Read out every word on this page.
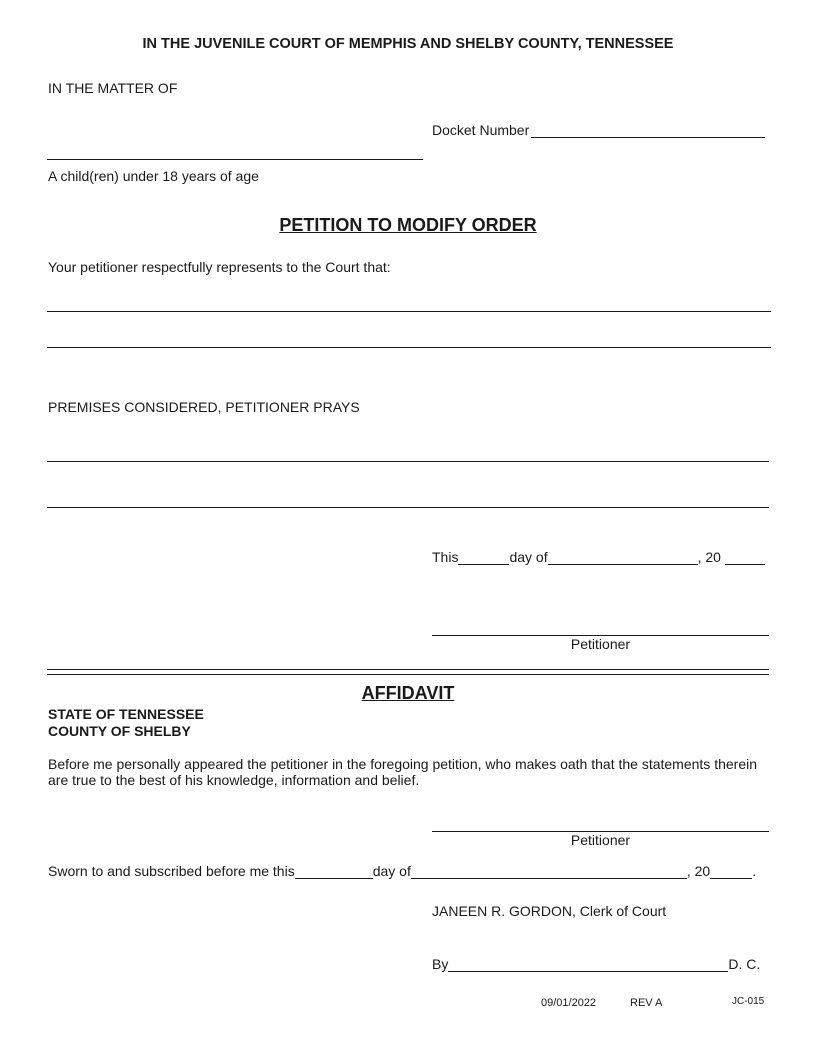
IN THE JUVENILE COURT OF MEMPHIS AND SHELBY COUNTY, TENNESSEE
IN THE MATTER OF
Docket Number
A child(ren) under 18 years of age
PETITION TO MODIFY ORDER
Your petitioner respectfully represents to the Court that:
PREMISES CONSIDERED, PETITIONER PRAYS
This	day of	, 20
Petitioner
AFFIDAVIT
STATE OF TENNESSEE
COUNTY OF SHELBY
Before me personally appeared the petitioner in the foregoing petition, who makes oath that the statements therein are true to the best of his knowledge, information and belief.
Petitioner
Sworn to and subscribed before me this	day of	, 20	.
JANEEN R. GORDON, Clerk of Court
By	D. C.
09/01/2022	REV A	JC-015
